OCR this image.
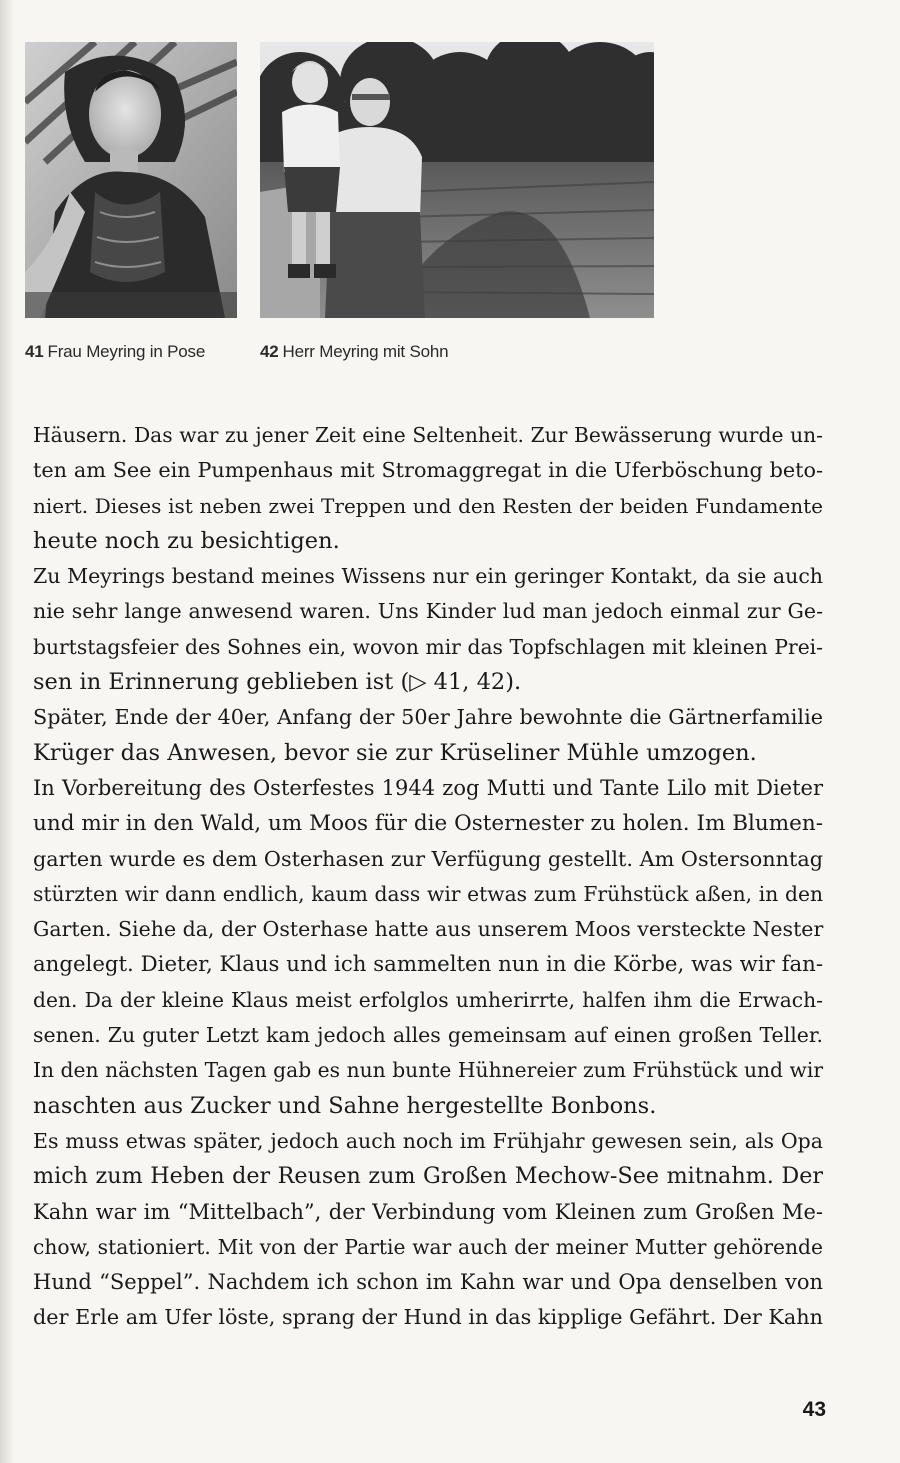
41 Frau Meyring in Pose	42 Herr Meyring mit Sohn
Häusern. Das war zu jener Zeit eine Seltenheit. Zur Bewässerung wurde un-
ten am See ein Pumpenhaus mit Stromaggregat in die Uferböschung beto-
niert. Dieses ist neben zwei Treppen und den Resten der beiden Fundamente
heute noch zu besichtigen.
Zu Meyrings bestand meines Wissens nur ein geringer Kontakt, da sie auch
nie sehr lange anwesend waren. Uns Kinder lud man jedoch einmal zur Ge-
burtstagsfeier des Sohnes ein, wovon mir das Topfschlagen mit kleinen Prei-
sen in Erinnerung geblieben ist (▷ 41, 42).
Später, Ende der 40er, Anfang der 50er Jahre bewohnte die Gärtnerfamilie
Krüger das Anwesen, bevor sie zur Krüseliner Mühle umzogen.
In Vorbereitung des Osterfestes 1944 zog Mutti und Tante Lilo mit Dieter
und mir in den Wald, um Moos für die Osternester zu holen. Im Blumen-
garten wurde es dem Osterhasen zur Verfügung gestellt. Am Ostersonntag
stürzten wir dann endlich, kaum dass wir etwas zum Frühstück aßen, in den
Garten. Siehe da, der Osterhase hatte aus unserem Moos versteckte Nester
angelegt. Dieter, Klaus und ich sammelten nun in die Körbe, was wir fan-
den. Da der kleine Klaus meist erfolglos umherirrte, halfen ihm die Erwach-
senen. Zu guter Letzt kam jedoch alles gemeinsam auf einen großen Teller.
In den nächsten Tagen gab es nun bunte Hühnereier zum Frühstück und wir
naschten aus Zucker und Sahne hergestellte Bonbons.
Es muss etwas später, jedoch auch noch im Frühjahr gewesen sein, als Opa
mich zum Heben der Reusen zum Großen Mechow-See mitnahm. Der
Kahn war im “Mittelbach”, der Verbindung vom Kleinen zum Großen Me-
chow, stationiert. Mit von der Partie war auch der meiner Mutter gehörende
Hund “Seppel”. Nachdem ich schon im Kahn war und Opa denselben von
der Erle am Ufer löste, sprang der Hund in das kipplige Gefährt. Der Kahn
43
